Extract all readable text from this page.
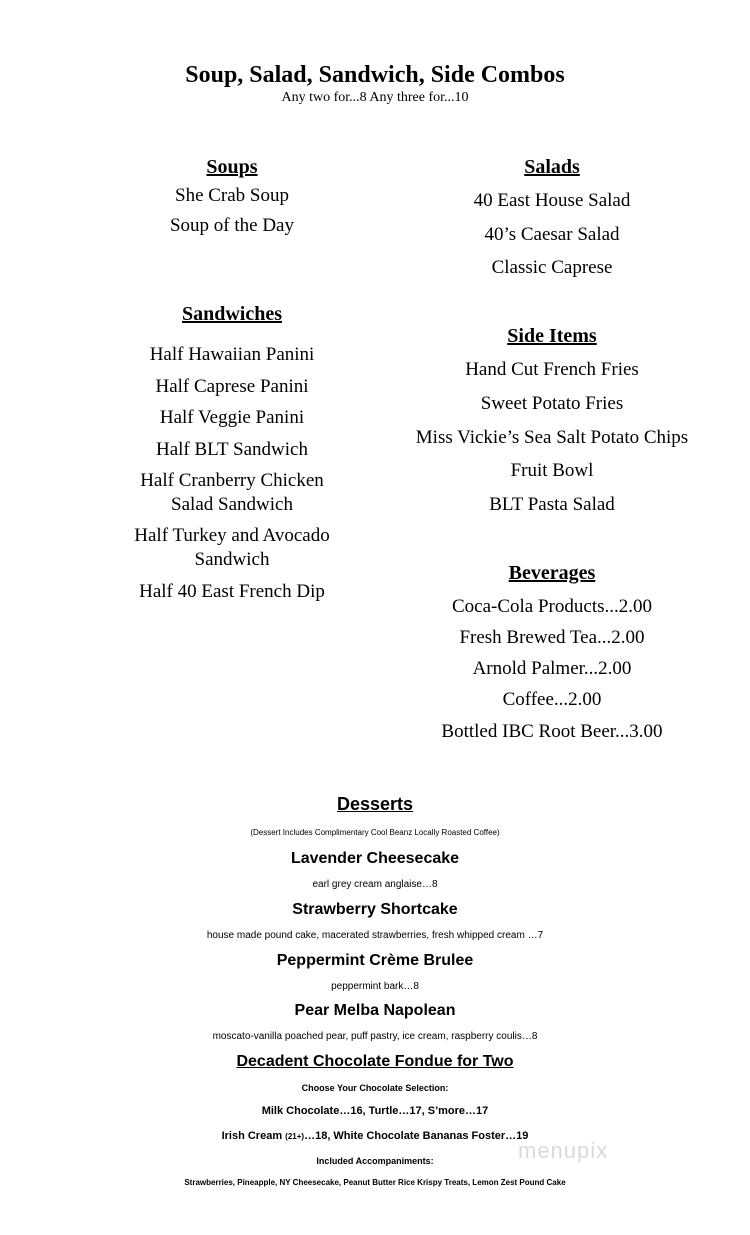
Soup, Salad, Sandwich, Side Combos
Any two for...8 Any three for...10
Soups
She Crab Soup
Soup of the Day
Sandwiches
Half Hawaiian Panini
Half Caprese Panini
Half Veggie Panini
Half BLT Sandwich
Half Cranberry Chicken Salad Sandwich
Half Turkey and Avocado Sandwich
Half 40 East French Dip
Salads
40 East House Salad
40’s Caesar Salad
Classic Caprese
Side Items
Hand Cut French Fries
Sweet Potato Fries
Miss Vickie’s Sea Salt Potato Chips
Fruit Bowl
BLT Pasta Salad
Beverages
Coca-Cola Products...2.00
Fresh Brewed Tea...2.00
Arnold Palmer...2.00
Coffee...2.00
Bottled IBC Root Beer...3.00
Desserts
(Dessert Includes Complimentary Cool Beanz Locally Roasted Coffee)
Lavender Cheesecake
earl grey cream anglaise…8
Strawberry Shortcake
house made pound cake, macerated strawberries, fresh whipped cream …7
Peppermint Crème Brulee
peppermint bark…8
Pear Melba Napolean
moscato-vanilla poached pear, puff pastry, ice cream, raspberry coulis…8
Decadent Chocolate Fondue for Two
Choose Your Chocolate Selection:
Milk Chocolate…16, Turtle…17, S’more…17
Irish Cream (21+)…18, White Chocolate Bananas Foster…19
Included Accompaniments:
Strawberries, Pineapple, NY Cheesecake, Peanut Butter Rice Krispy Treats, Lemon Zest Pound Cake
menupix
